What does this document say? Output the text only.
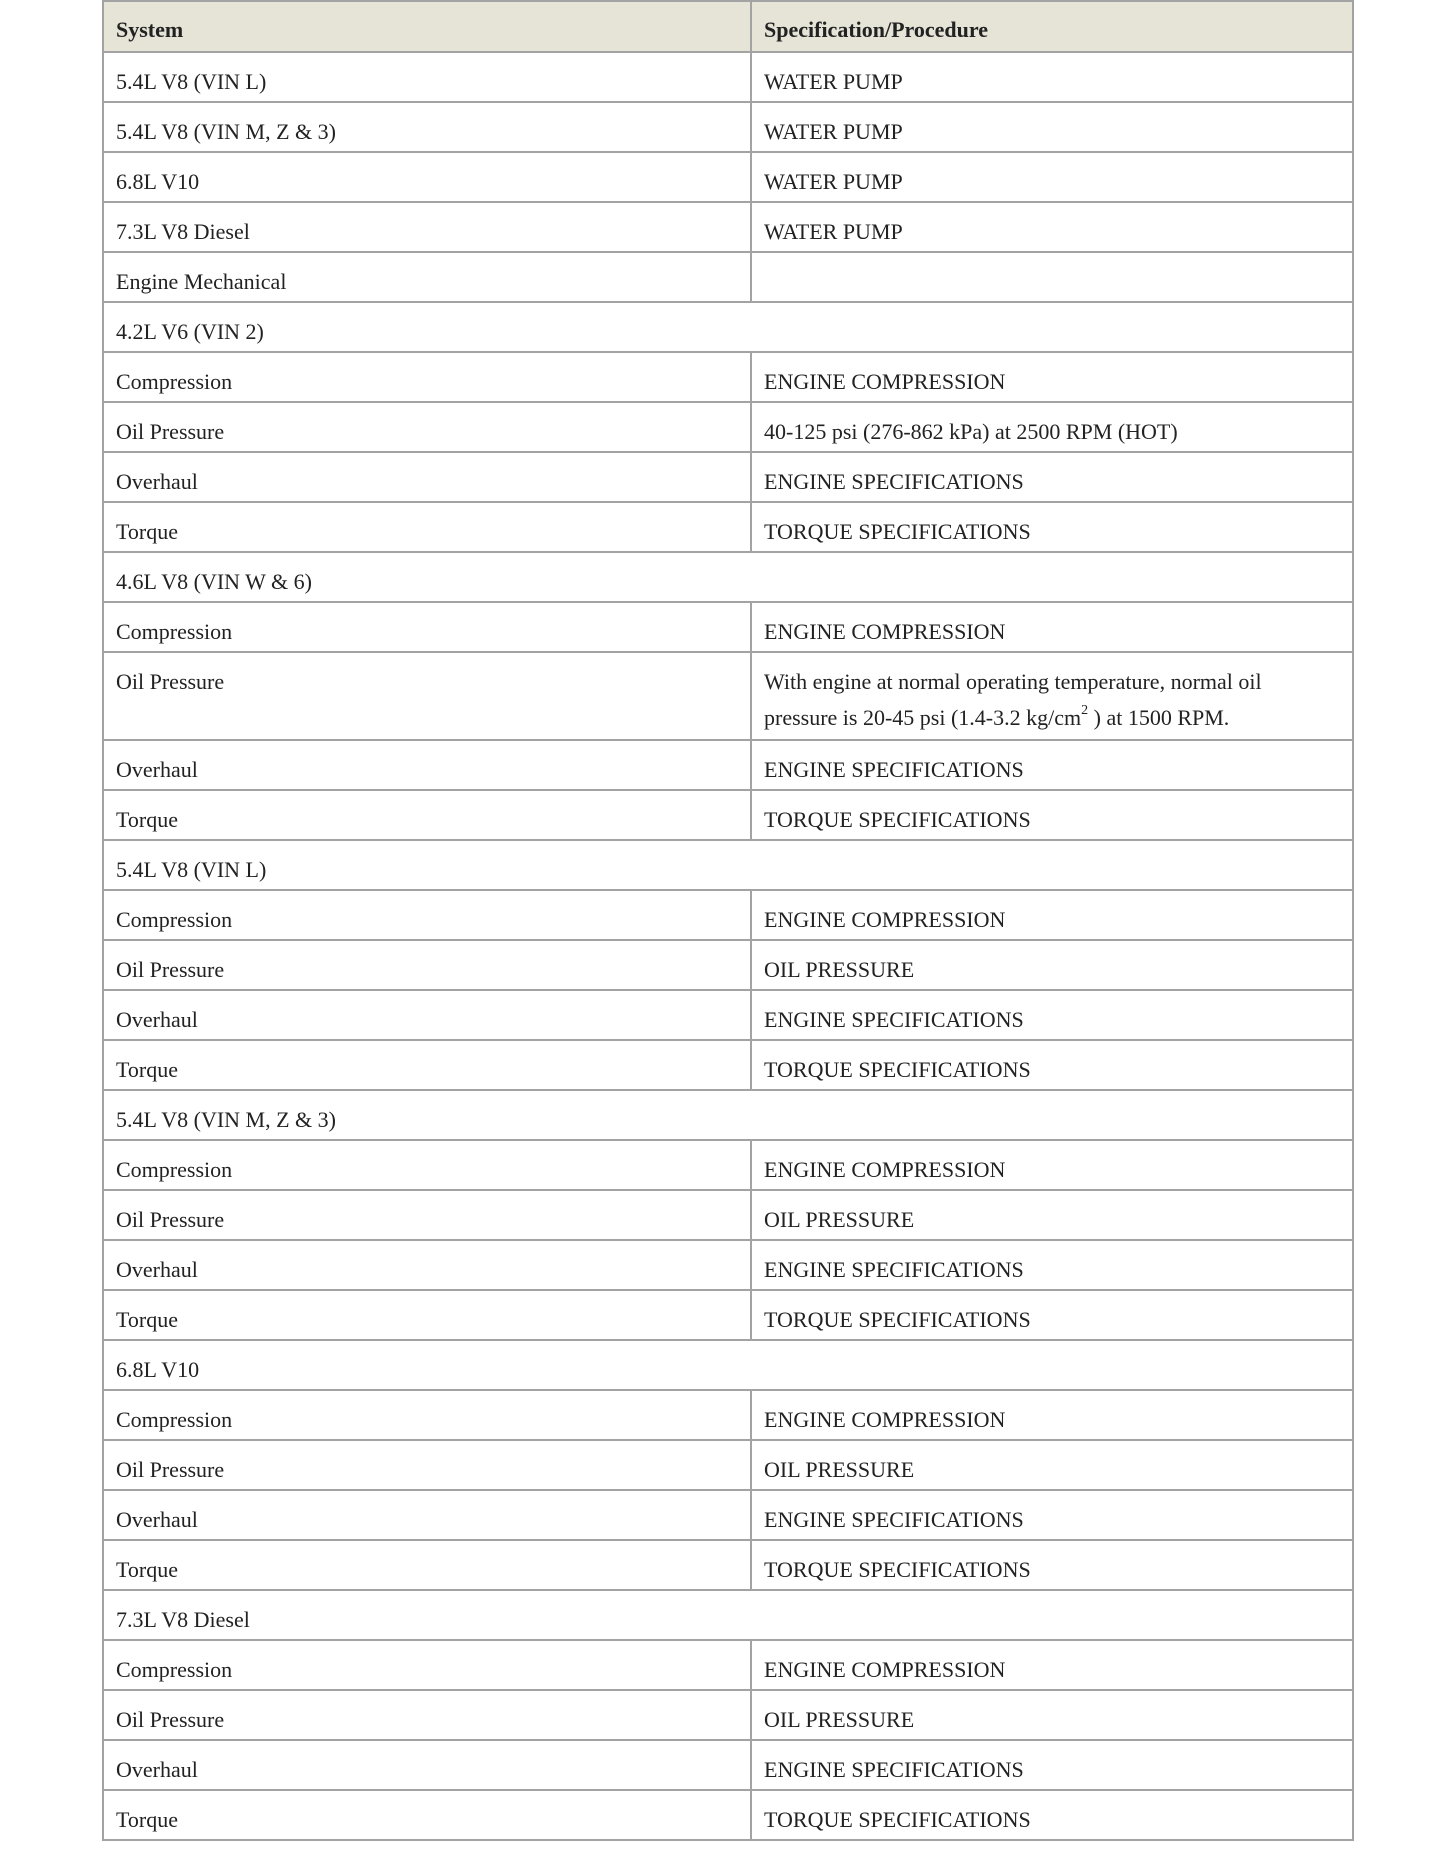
System	Specification/Procedure
5.4L V8 (VIN L)	WATER PUMP
5.4L V8 (VIN M, Z & 3)	WATER PUMP
6.8L V10	WATER PUMP
7.3L V8 Diesel	WATER PUMP
Engine Mechanical	
4.2L V6 (VIN 2)	
Compression	ENGINE COMPRESSION
Oil Pressure	40-125 psi (276-862 kPa) at 2500 RPM (HOT)
Overhaul	ENGINE SPECIFICATIONS
Torque	TORQUE SPECIFICATIONS
4.6L V8 (VIN W & 6)	
Compression	ENGINE COMPRESSION
Oil Pressure	With engine at normal operating temperature, normal oil pressure is 20-45 psi (1.4-3.2 $kg/cm^2$ ) at 1500 RPM.
Overhaul	ENGINE SPECIFICATIONS
Torque	TORQUE SPECIFICATIONS
5.4L V8 (VIN L)	
Compression	ENGINE COMPRESSION
Oil Pressure	OIL PRESSURE
Overhaul	ENGINE SPECIFICATIONS
Torque	TORQUE SPECIFICATIONS
5.4L V8 (VIN M, Z & 3)	
Compression	ENGINE COMPRESSION
Oil Pressure	OIL PRESSURE
Overhaul	ENGINE SPECIFICATIONS
Torque	TORQUE SPECIFICATIONS
6.8L V10	
Compression	ENGINE COMPRESSION
Oil Pressure	OIL PRESSURE
Overhaul	ENGINE SPECIFICATIONS
Torque	TORQUE SPECIFICATIONS
7.3L V8 Diesel	
Compression	ENGINE COMPRESSION
Oil Pressure	OIL PRESSURE
Overhaul	ENGINE SPECIFICATIONS
Torque	TORQUE SPECIFICATIONS
